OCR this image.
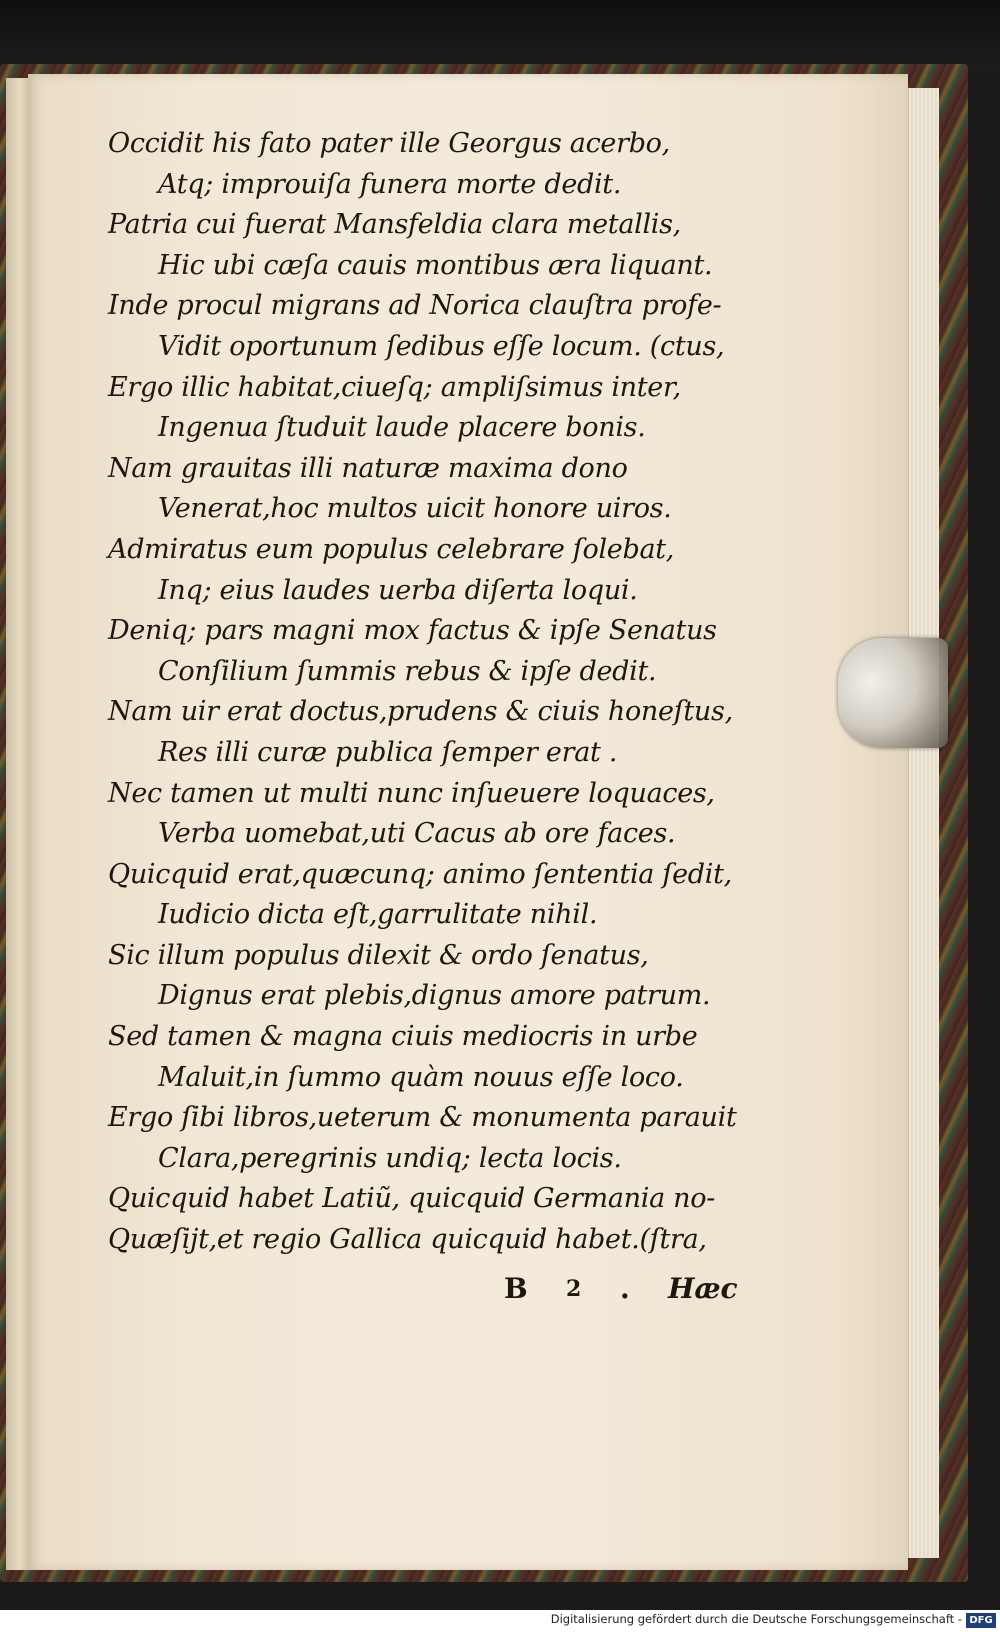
Occidit his fato pater ille Georgus acerbo,
Atq; improuiſa funera morte dedit.
Patria cui fuerat Mansfeldia clara metallis,
Hic ubi cæſa cauis montibus æra liquant.
Inde procul migrans ad Norica clauſtra profe-
Vidit oportunum ſedibus eſſe locum. (ctus,
Ergo illic habitat,ciueſq; ampliſsimus inter,
Ingenua ſtuduit laude placere bonis.
Nam grauitas illi naturæ maxima dono
Venerat,hoc multos uicit honore uiros.
Admiratus eum populus celebrare ſolebat,
Inq; eius laudes uerba diſerta loqui.
Deniq; pars magni mox factus & ipſe Senatus
Conſilium ſummis rebus & ipſe dedit.
Nam uir erat doctus,prudens & ciuis honeſtus,
Res illi curæ publica ſemper erat .
Nec tamen ut multi nunc inſueuere loquaces,
Verba uomebat,uti Cacus ab ore faces.
Quicquid erat,quæcunq; animo ſententia ſedit,
Iudicio dicta eſt,garrulitate nihil.
Sic illum populus dilexit & ordo ſenatus,
Dignus erat plebis,dignus amore patrum.
Sed tamen & magna ciuis mediocris in urbe
Maluit,in ſummo quàm nouus eſſe loco.
Ergo ſibi libros,ueterum & monumenta parauit
Clara,peregrinis undiq; lecta locis.
Quicquid habet Latiũ, quicquid Germania no-
Quæſijt,et regio Gallica quicquid habet.(ſtra,
B 2 . Hæc
Digitalisierung gefördert durch die Deutsche Forschungsgemeinschaft - DFG
